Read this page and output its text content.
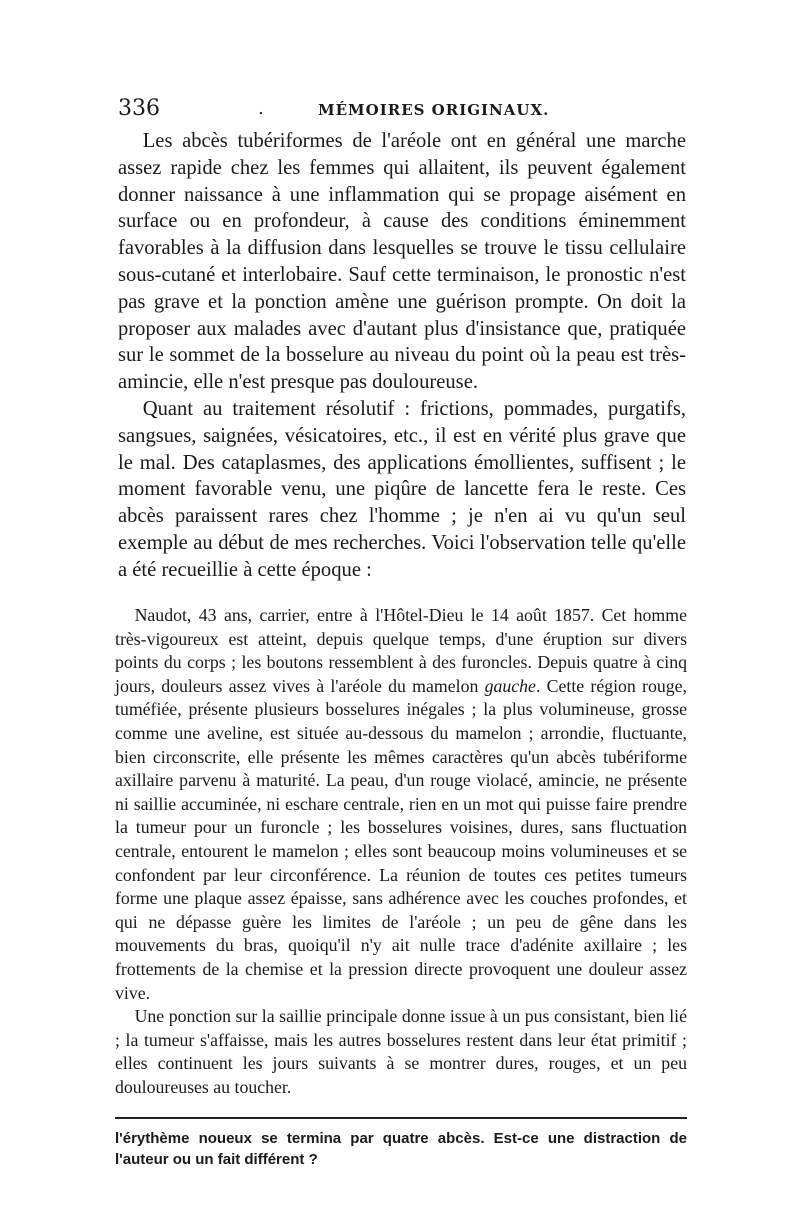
336	.	MÉMOIRES ORIGINAUX.

Les abcès tubériformes de l'aréole ont en général une marche assez rapide chez les femmes qui allaitent, ils peuvent également donner naissance à une inflammation qui se propage aisément en surface ou en profondeur, à cause des conditions éminemment favorables à la diffusion dans lesquelles se trouve le tissu cellulaire sous-cutané et interlobaire. Sauf cette terminaison, le pronostic n'est pas grave et la ponction amène une guérison prompte. On doit la proposer aux malades avec d'autant plus d'insistance que, pratiquée sur le sommet de la bosselure au niveau du point où la peau est très-amincie, elle n'est presque pas douloureuse.

Quant au traitement résolutif : frictions, pommades, purgatifs, sangsues, saignées, vésicatoires, etc., il est en vérité plus grave que le mal. Des cataplasmes, des applications émollientes, suffisent ; le moment favorable venu, une piqûre de lancette fera le reste. Ces abcès paraissent rares chez l'homme ; je n'en ai vu qu'un seul exemple au début de mes recherches. Voici l'observation telle qu'elle a été recueillie à cette époque :

Naudot, 43 ans, carrier, entre à l'Hôtel-Dieu le 14 août 1857. Cet homme très-vigoureux est atteint, depuis quelque temps, d'une éruption sur divers points du corps ; les boutons ressemblent à des furoncles. Depuis quatre à cinq jours, douleurs assez vives à l'aréole du mamelon gauche. Cette région rouge, tuméfiée, présente plusieurs bosselures inégales ; la plus volumineuse, grosse comme une aveline, est située au-dessous du mamelon ; arrondie, fluctuante, bien circonscrite, elle présente les mêmes caractères qu'un abcès tubériforme axillaire parvenu à maturité. La peau, d'un rouge violacé, amincie, ne présente ni saillie accuminée, ni eschare centrale, rien en un mot qui puisse faire prendre la tumeur pour un furoncle ; les bosselures voisines, dures, sans fluctuation centrale, entourent le mamelon ; elles sont beaucoup moins volumineuses et se confondent par leur circonférence. La réunion de toutes ces petites tumeurs forme une plaque assez épaisse, sans adhérence avec les couches profondes, et qui ne dépasse guère les limites de l'aréole ; un peu de gêne dans les mouvements du bras, quoiqu'il n'y ait nulle trace d'adénite axillaire ; les frottements de la chemise et la pression directe provoquent une douleur assez vive.

Une ponction sur la saillie principale donne issue à un pus consistant, bien lié ; la tumeur s'affaisse, mais les autres bosselures restent dans leur état primitif ; elles continuent les jours suivants à se montrer dures, rouges, et un peu douloureuses au toucher.

l'érythème noueux se termina par quatre abcès. Est-ce une distraction de l'auteur ou un fait différent ?
